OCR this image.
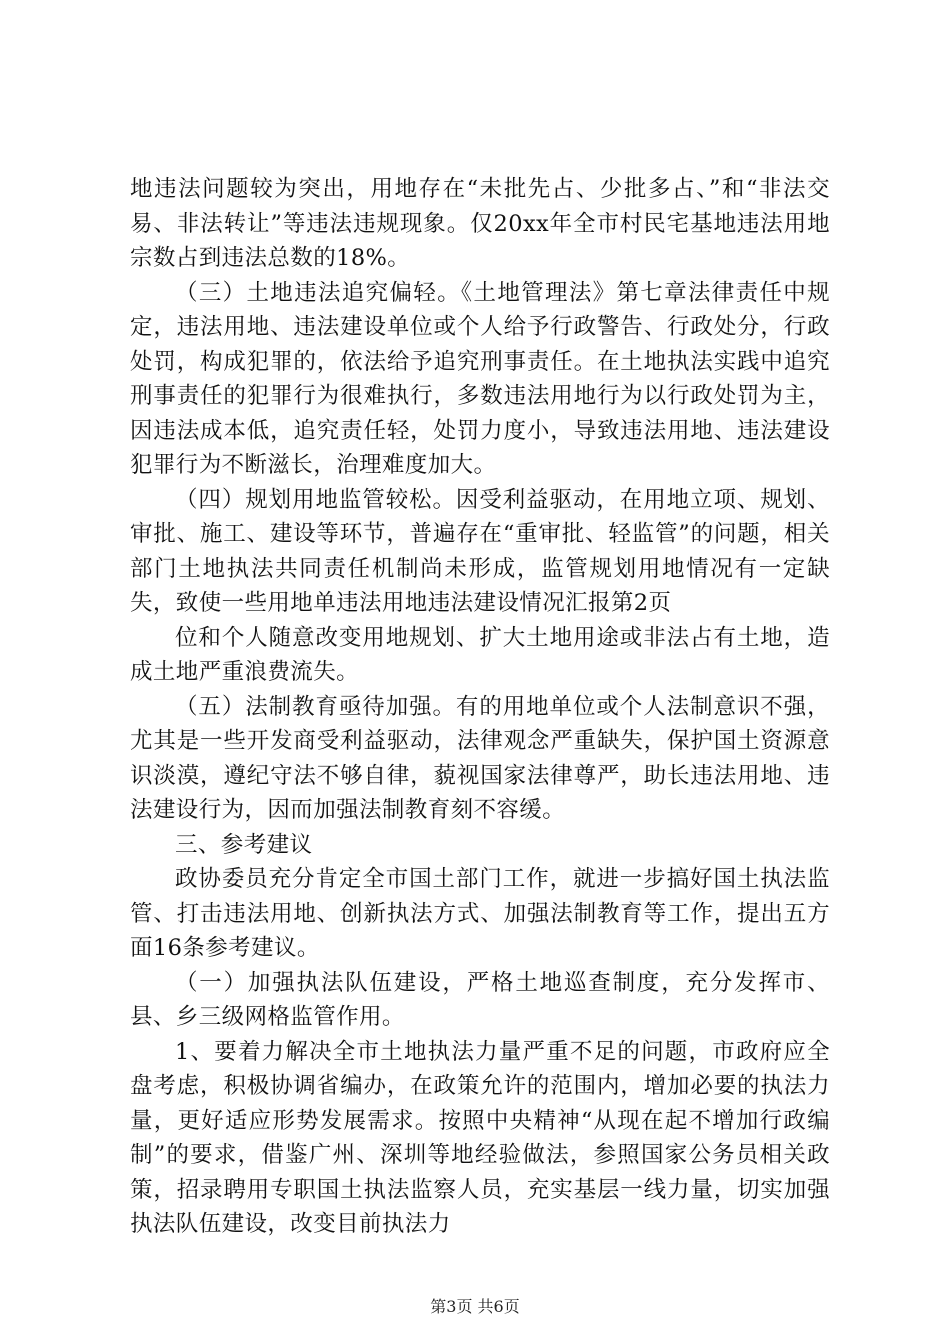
地违法问题较为突出，用地存在“未批先占、少批多占、”和“非法交易、非法转让”等违法违规现象。仅20xx年全市村民宅基地违法用地宗数占到违法总数的18%。

（三）土地违法追究偏轻。《土地管理法》第七章法律责任中规定，违法用地、违法建设单位或个人给予行政警告、行政处分，行政处罚，构成犯罪的，依法给予追究刑事责任。在土地执法实践中追究刑事责任的犯罪行为很难执行，多数违法用地行为以行政处罚为主，因违法成本低，追究责任轻，处罚力度小，导致违法用地、违法建设犯罪行为不断滋长，治理难度加大。

（四）规划用地监管较松。因受利益驱动，在用地立项、规划、审批、施工、建设等环节，普遍存在“重审批、轻监管”的问题，相关部门土地执法共同责任机制尚未形成，监管规划用地情况有一定缺失，致使一些用地单违法用地违法建设情况汇报第2页

位和个人随意改变用地规划、扩大土地用途或非法占有土地，造成土地严重浪费流失。

（五）法制教育亟待加强。有的用地单位或个人法制意识不强，尤其是一些开发商受利益驱动，法律观念严重缺失，保护国土资源意识淡漠，遵纪守法不够自律，藐视国家法律尊严，助长违法用地、违法建设行为，因而加强法制教育刻不容缓。

三、参考建议

政协委员充分肯定全市国土部门工作，就进一步搞好国土执法监管、打击违法用地、创新执法方式、加强法制教育等工作，提出五方面16条参考建议。

（一）加强执法队伍建设，严格土地巡查制度，充分发挥市、县、乡三级网格监管作用。

1、要着力解决全市土地执法力量严重不足的问题，市政府应全盘考虑，积极协调省编办，在政策允许的范围内，增加必要的执法力量，更好适应形势发展需求。按照中央精神“从现在起不增加行政编制”的要求，借鉴广州、深圳等地经验做法，参照国家公务员相关政策，招录聘用专职国土执法监察人员，充实基层一线力量，切实加强执法队伍建设，改变目前执法力

第3页 共6页
